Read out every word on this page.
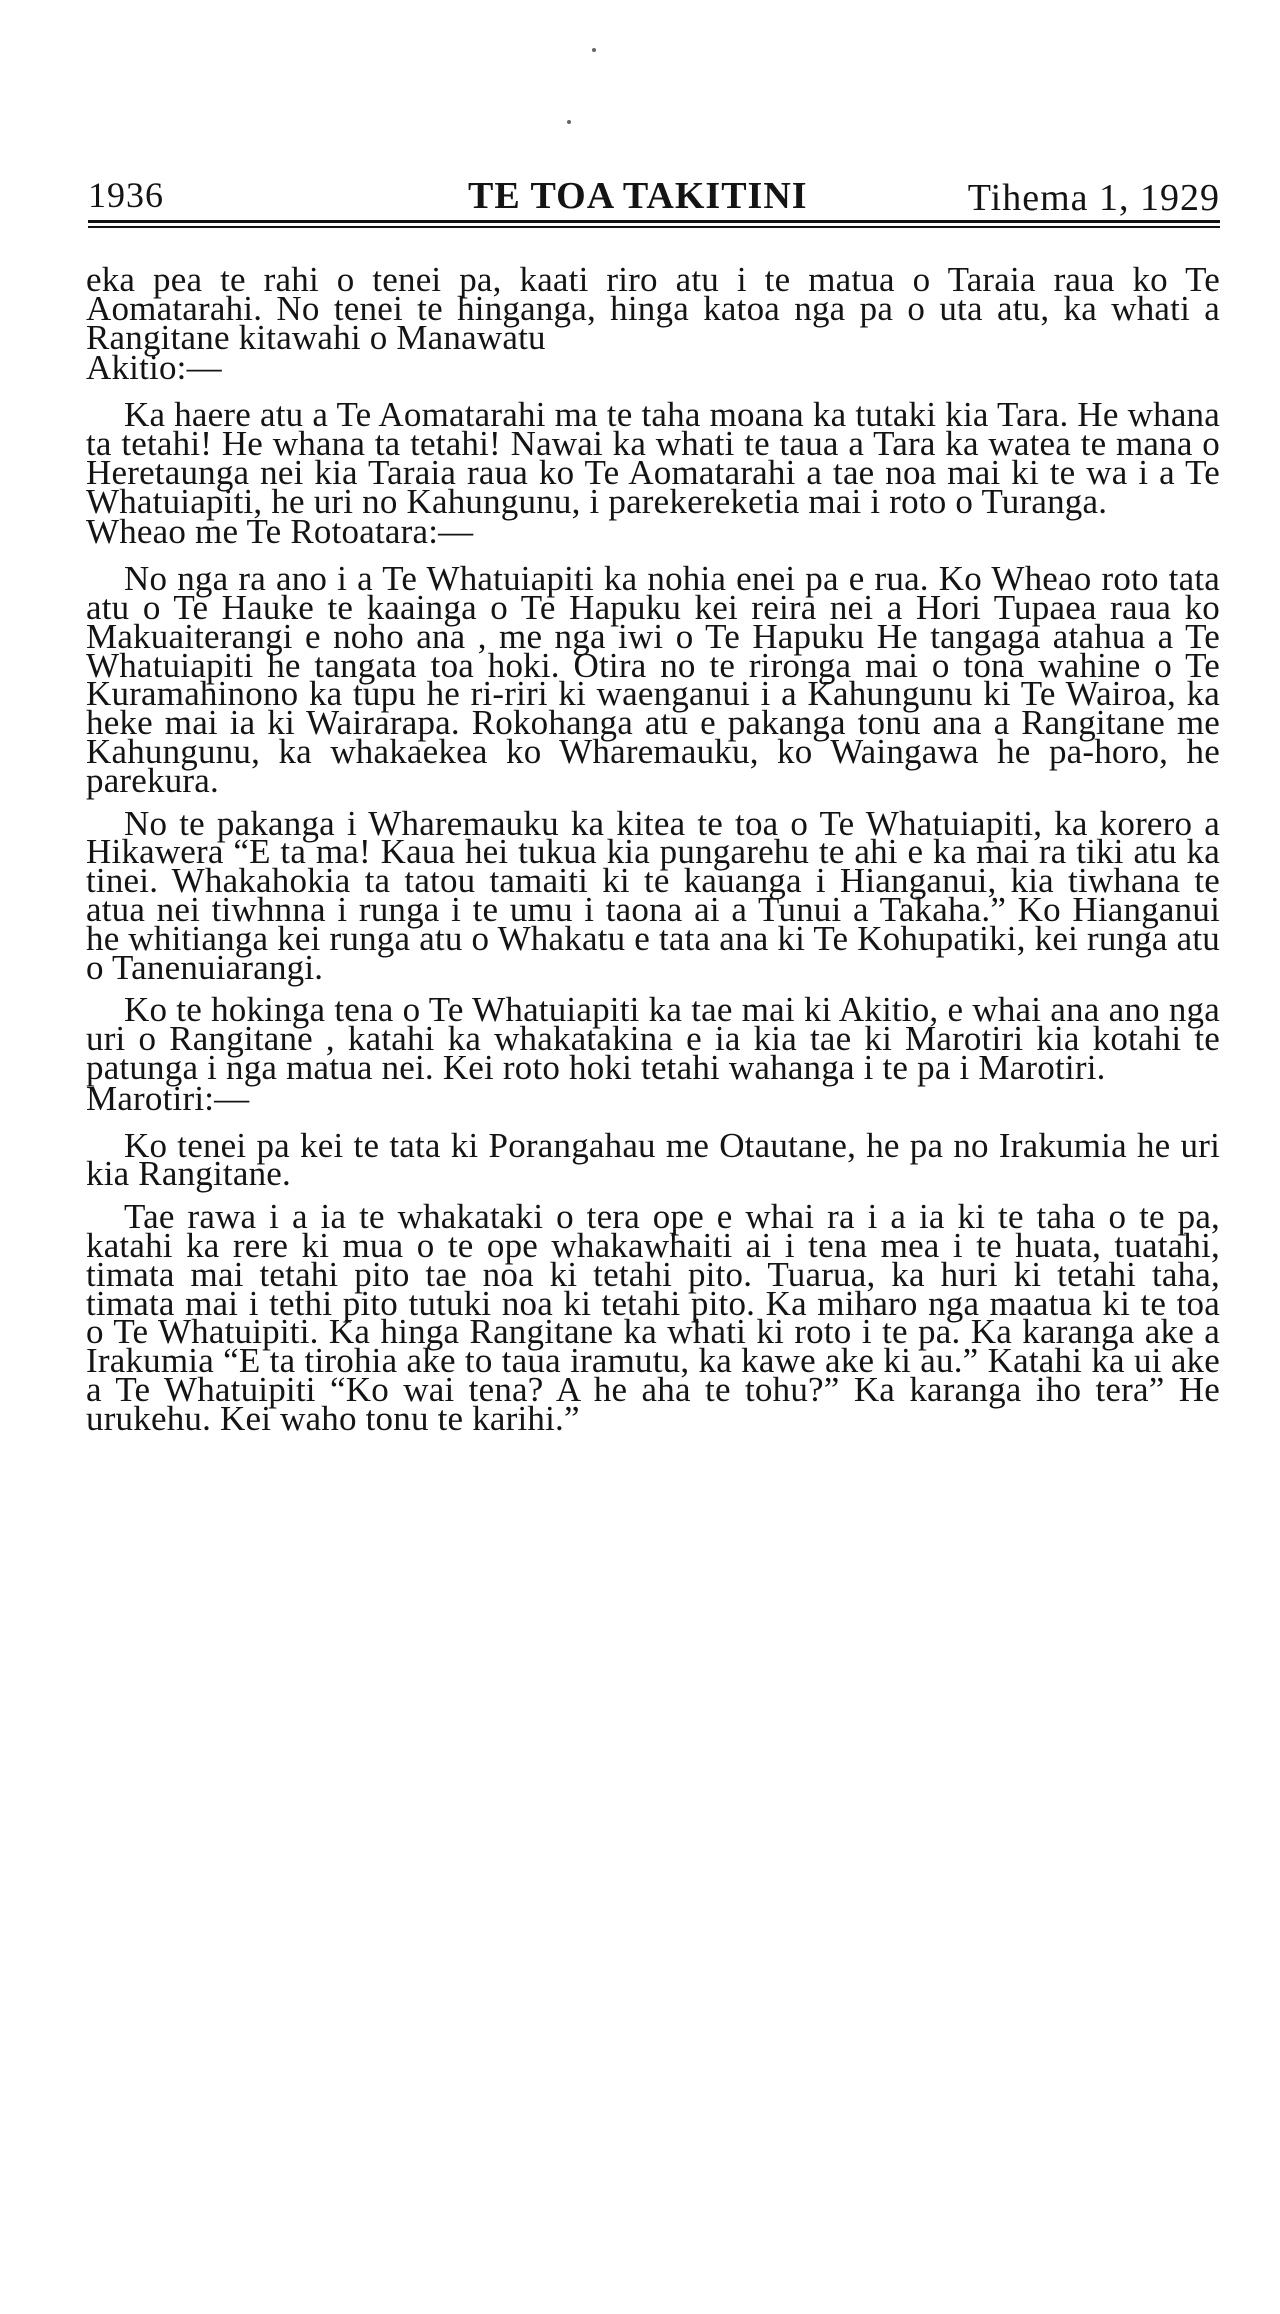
1936	TE TOA TAKITINI	Tihema 1, 1929

eka pea te rahi o tenei pa, kaati riro atu i te matua o Taraia raua ko Te Aomatarahi. No tenei te hinganga, hinga katoa nga pa o uta atu, ka whati a Rangitane kitawahi o Manawatu

Akitio:—

Ka haere atu a Te Aomatarahi ma te taha moana ka tutaki kia Tara. He whana ta tetahi! He whana ta tetahi! Nawai ka whati te taua a Tara ka watea te mana o Heretaunga nei kia Taraia raua ko Te Aomatarahi a tae noa mai ki te wa i a Te Whatuiapiti, he uri no Kahungunu, i parekereketia mai i roto o Turanga.

Wheao me Te Rotoatara:—

No nga ra ano i a Te Whatuiapiti ka nohia enei pa e rua. Ko Wheao roto tata atu o Te Hauke te kaainga o Te Hapuku kei reira nei a Hori Tupaea raua ko Makuaiterangi e noho ana , me nga iwi o Te Hapuku He tangaga atahua a Te Whatuiapiti he tangata toa hoki. Otira no te rironga mai o tona wahine o Te Kuramahinono ka tupu he ri-riri ki waenganui i a Kahungunu ki Te Wairoa, ka heke mai ia ki Wairarapa. Rokohanga atu e pakanga tonu ana a Rangitane me Kahungunu, ka whakaekea ko Wharemauku, ko Waingawa he pa-horo, he parekura.

No te pakanga i Wharemauku ka kitea te toa o Te Whatuiapiti, ka korero a Hikawera “E ta ma! Kaua hei tukua kia pungarehu te ahi e ka mai ra tiki atu ka tinei. Whakahokia ta tatou tamaiti ki te kauanga i Hianganui, kia tiwhana te atua nei tiwhnna i runga i te umu i taona ai a Tunui a Takaha.” Ko Hianganui he whitianga kei runga atu o Whakatu e tata ana ki Te Kohupatiki, kei runga atu o Tanenuiarangi.

Ko te hokinga tena o Te Whatuiapiti ka tae mai ki Akitio, e whai ana ano nga uri o Rangitane , katahi ka whakatakina e ia kia tae ki Marotiri kia kotahi te patunga i nga matua nei. Kei roto hoki tetahi wahanga i te pa i Marotiri.

Marotiri:—

Ko tenei pa kei te tata ki Porangahau me Otautane, he pa no Irakumia he uri kia Rangitane.

Tae rawa i a ia te whakataki o tera ope e whai ra i a ia ki te taha o te pa, katahi ka rere ki mua o te ope whakawhaiti ai i tena mea i te huata, tuatahi, timata mai tetahi pito tae noa ki tetahi pito. Tuarua, ka huri ki tetahi taha, timata mai i tethi pito tutuki noa ki tetahi pito. Ka miharo nga maatua ki te toa o Te Whatuipiti. Ka hinga Rangitane ka whati ki roto i te pa. Ka karanga ake a Irakumia “E ta tirohia ake to taua iramutu, ka kawe ake ki au.” Katahi ka ui ake a Te Whatuipiti “Ko wai tena? A he aha te tohu?” Ka karanga iho tera” He urukehu. Kei waho tonu te karihi.”
